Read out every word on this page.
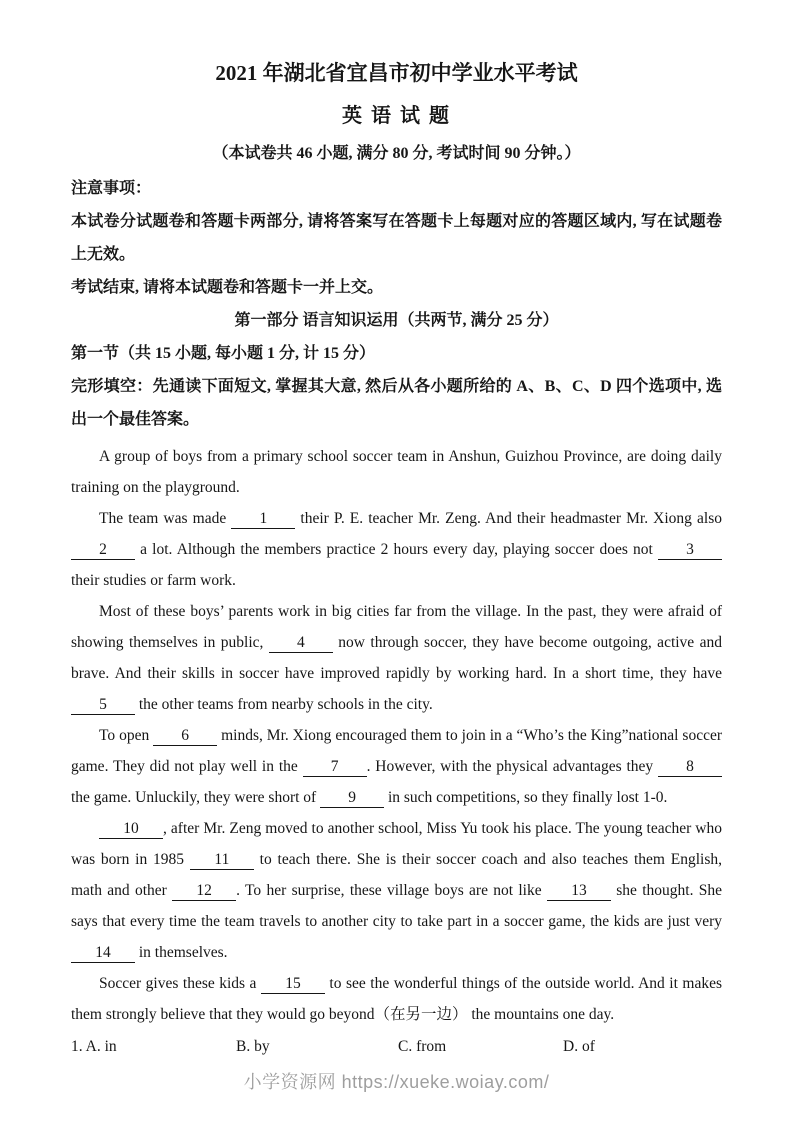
2021 年湖北省宜昌市初中学业水平考试
英 语 试 题
（本试卷共 46 小题, 满分 80 分, 考试时间 90 分钟。）

注意事项：

本试卷分试题卷和答题卡两部分, 请将答案写在答题卡上每题对应的答题区域内, 写在试题卷上无效。

考试结束, 请将本试题卷和答题卡一并上交。

第一部分 语言知识运用（共两节, 满分 25 分）

第一节（共 15 小题, 每小题 1 分, 计 15 分）

完形填空：先通读下面短文, 掌握其大意, 然后从各小题所给的 A、B、C、D 四个选项中, 选出一个最佳答案。

A group of boys from a primary school soccer team in Anshun, Guizhou Province, are doing daily training on the playground.

The team was made 1 their P. E. teacher Mr. Zeng. And their headmaster Mr. Xiong also 2 a lot. Although the members practice 2 hours every day, playing soccer does not 3 their studies or farm work.

Most of these boys’ parents work in big cities far from the village. In the past, they were afraid of showing themselves in public, 4 now through soccer, they have become outgoing, active and brave. And their skills in soccer have improved rapidly by working hard. In a short time, they have 5 the other teams from nearby schools in the city.

To open 6 minds, Mr. Xiong encouraged them to join in a “Who’s the King”national soccer game. They did not play well in the 7 . However, with the physical advantages they 8 the game. Unluckily, they were short of 9 in such competitions, so they finally lost 1-0.

10 , after Mr. Zeng moved to another school, Miss Yu took his place. The young teacher who was born in 1985 11 to teach there. She is their soccer coach and also teaches them English, math and other 12 . To her surprise, these village boys are not like 13 she thought. She says that every time the team travels to another city to take part in a soccer game, the kids are just very 14 in themselves.

Soccer gives these kids a 15 to see the wonderful things of the outside world. And it makes them strongly believe that they would go beyond（在另一边） the mountains one day.

1. A. in	B. by	C. from	D. of
小学资源网 https://xueke.woiay.com/
